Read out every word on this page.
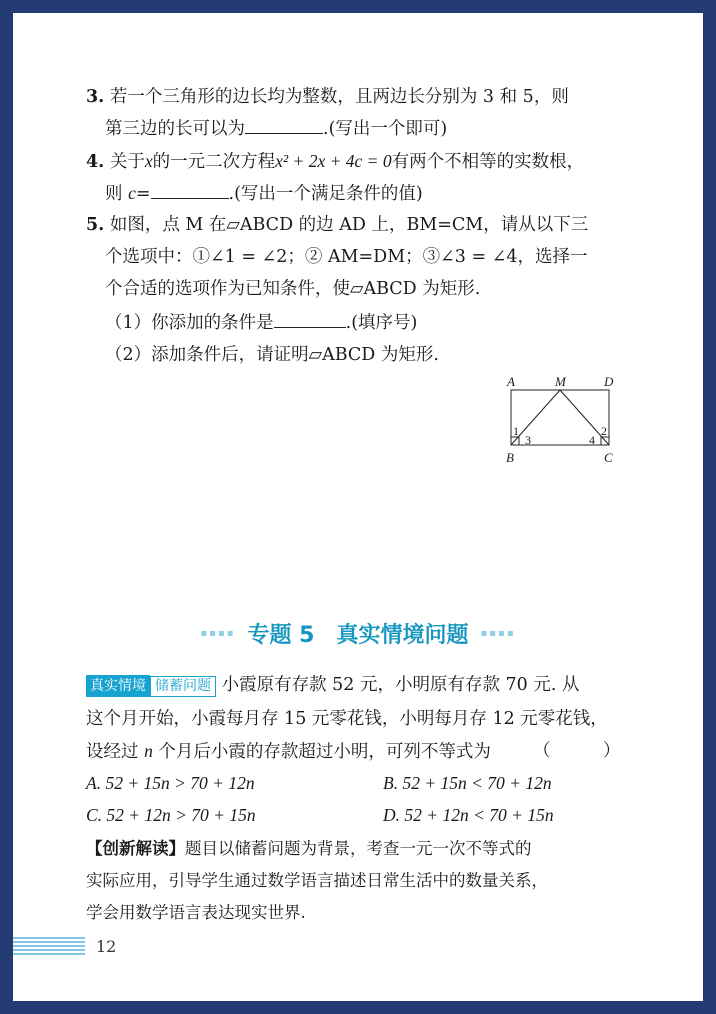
3. 若一个三角形的边长均为整数，且两边长分别为 3 和 5，则
第三边的长可以为	.(写出一个即可)
4. 关于x的一元二次方程x² + 2x + 4c = 0有两个不相等的实数根，
则 c=	.(写出一个满足条件的值)
5. 如图，点 M 在▱ABCD 的边 AD 上，BM=CM，请从以下三
个选项中：①∠1 = ∠2；② AM=DM；③∠3 = ∠4，选择一
个合适的选项作为已知条件，使▱ABCD 为矩形.
（1）你添加的条件是	.(填序号)
（2）添加条件后，请证明▱ABCD 为矩形.
A	M	D
B	C
1
3	4
2
▪▪▪▪ 专题 5　真实情境问题 ▪▪▪▪
真实情境 储蓄问题 小霞原有存款 52 元，小明原有存款 70 元. 从
这个月开始，小霞每月存 15 元零花钱，小明每月存 12 元零花钱，
设经过 n 个月后小霞的存款超过小明，可列不等式为 （　　　）
A. 52 + 15n > 70 + 12n	B. 52 + 15n < 70 + 12n
C. 52 + 12n > 70 + 15n	D. 52 + 12n < 70 + 15n
【创新解读】题目以储蓄问题为背景，考查一元一次不等式的
实际应用，引导学生通过数学语言描述日常生活中的数量关系，
学会用数学语言表达现实世界.
12
